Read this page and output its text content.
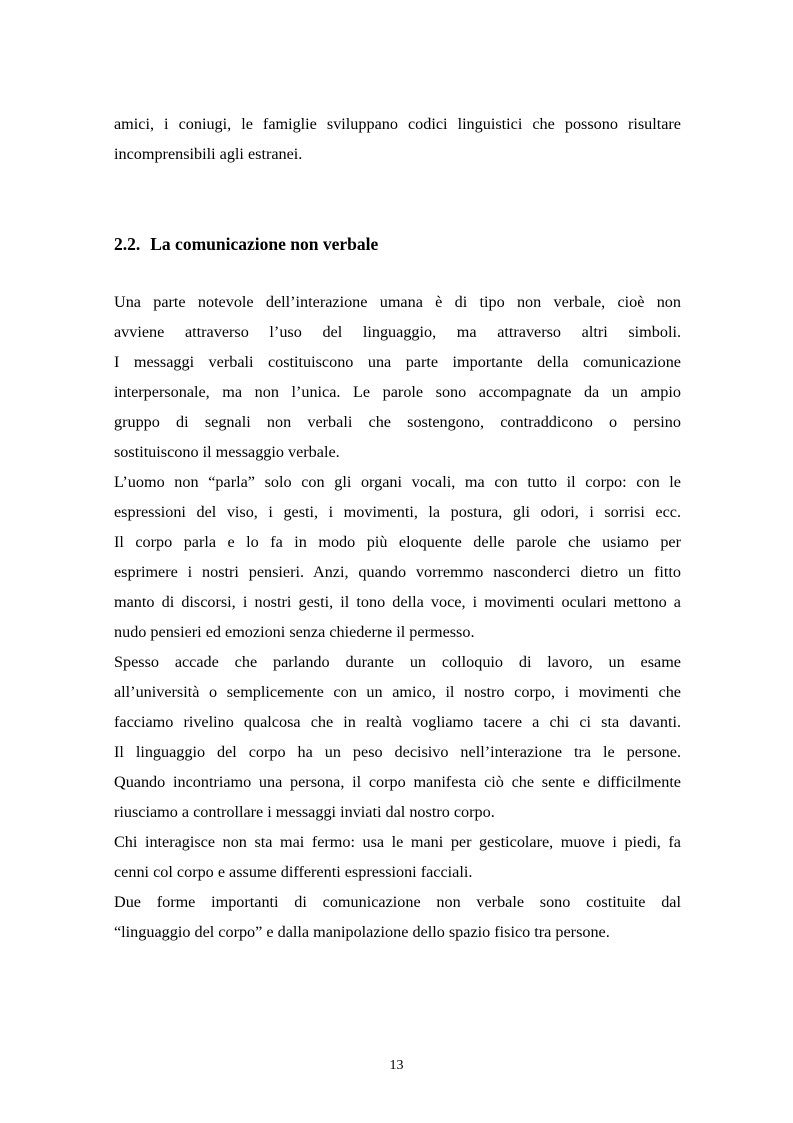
amici, i coniugi, le famiglie sviluppano codici linguistici che possono risultare
incomprensibili agli estranei.
2.2. La comunicazione non verbale
Una parte notevole dell’interazione umana è di tipo non verbale, cioè non
avviene attraverso l’uso del linguaggio, ma attraverso altri simboli.
I messaggi verbali costituiscono una parte importante della comunicazione
interpersonale, ma non l’unica. Le parole sono accompagnate da un ampio
gruppo di segnali non verbali che sostengono, contraddicono o persino
sostituiscono il messaggio verbale.
L’uomo non “parla” solo con gli organi vocali, ma con tutto il corpo: con le
espressioni del viso, i gesti, i movimenti, la postura, gli odori, i sorrisi ecc.
Il corpo parla e lo fa in modo più eloquente delle parole che usiamo per
esprimere i nostri pensieri. Anzi, quando vorremmo nasconderci dietro un fitto
manto di discorsi, i nostri gesti, il tono della voce, i movimenti oculari mettono a
nudo pensieri ed emozioni senza chiederne il permesso.
Spesso accade che parlando durante un colloquio di lavoro, un esame
all’università o semplicemente con un amico, il nostro corpo, i movimenti che
facciamo rivelino qualcosa che in realtà vogliamo tacere a chi ci sta davanti.
Il linguaggio del corpo ha un peso decisivo nell’interazione tra le persone.
Quando incontriamo una persona, il corpo manifesta ciò che sente e difficilmente
riusciamo a controllare i messaggi inviati dal nostro corpo.
Chi interagisce non sta mai fermo: usa le mani per gesticolare, muove i piedi, fa
cenni col corpo e assume differenti espressioni facciali.
Due forme importanti di comunicazione non verbale sono costituite dal
“linguaggio del corpo” e dalla manipolazione dello spazio fisico tra persone.
13
